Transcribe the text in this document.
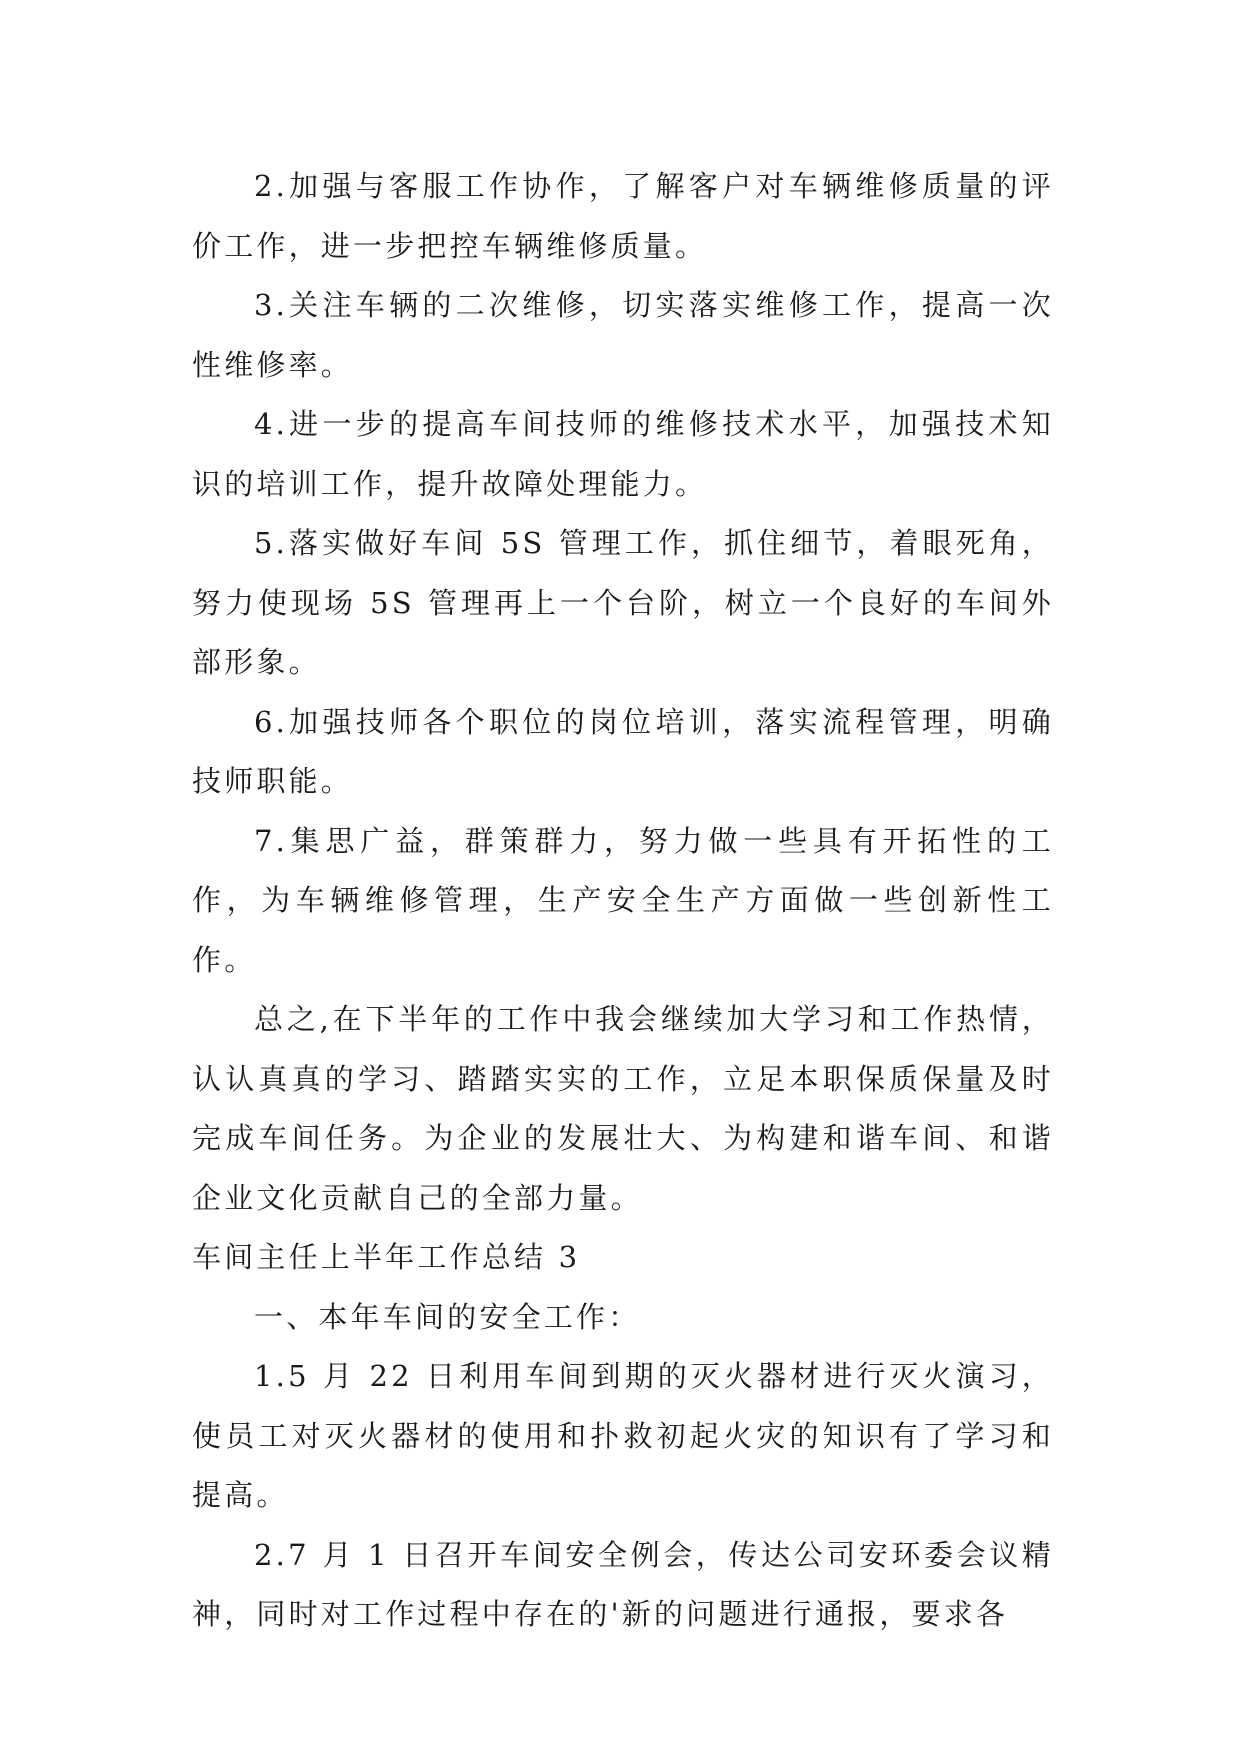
2.加强与客服工作协作，了解客户对车辆维修质量的评价工作，进一步把控车辆维修质量。

3.关注车辆的二次维修，切实落实维修工作，提高一次性维修率。

4.进一步的提高车间技师的维修技术水平，加强技术知识的培训工作，提升故障处理能力。

5.落实做好车间 5S 管理工作，抓住细节，着眼死角，努力使现场 5S 管理再上一个台阶，树立一个良好的车间外部形象。

6.加强技师各个职位的岗位培训，落实流程管理，明确技师职能。

7.集思广益，群策群力，努力做一些具有开拓性的工作，为车辆维修管理，生产安全生产方面做一些创新性工作。

总之,在下半年的工作中我会继续加大学习和工作热情，认认真真的学习、踏踏实实的工作，立足本职保质保量及时完成车间任务。为企业的发展壮大、为构建和谐车间、和谐企业文化贡献自己的全部力量。

车间主任上半年工作总结 3

一、本年车间的安全工作：

1.5 月 22 日利用车间到期的灭火器材进行灭火演习，使员工对灭火器材的使用和扑救初起火灾的知识有了学习和提高。

2.7 月 1 日召开车间安全例会，传达公司安环委会议精神，同时对工作过程中存在的'新的问题进行通报，要求各
